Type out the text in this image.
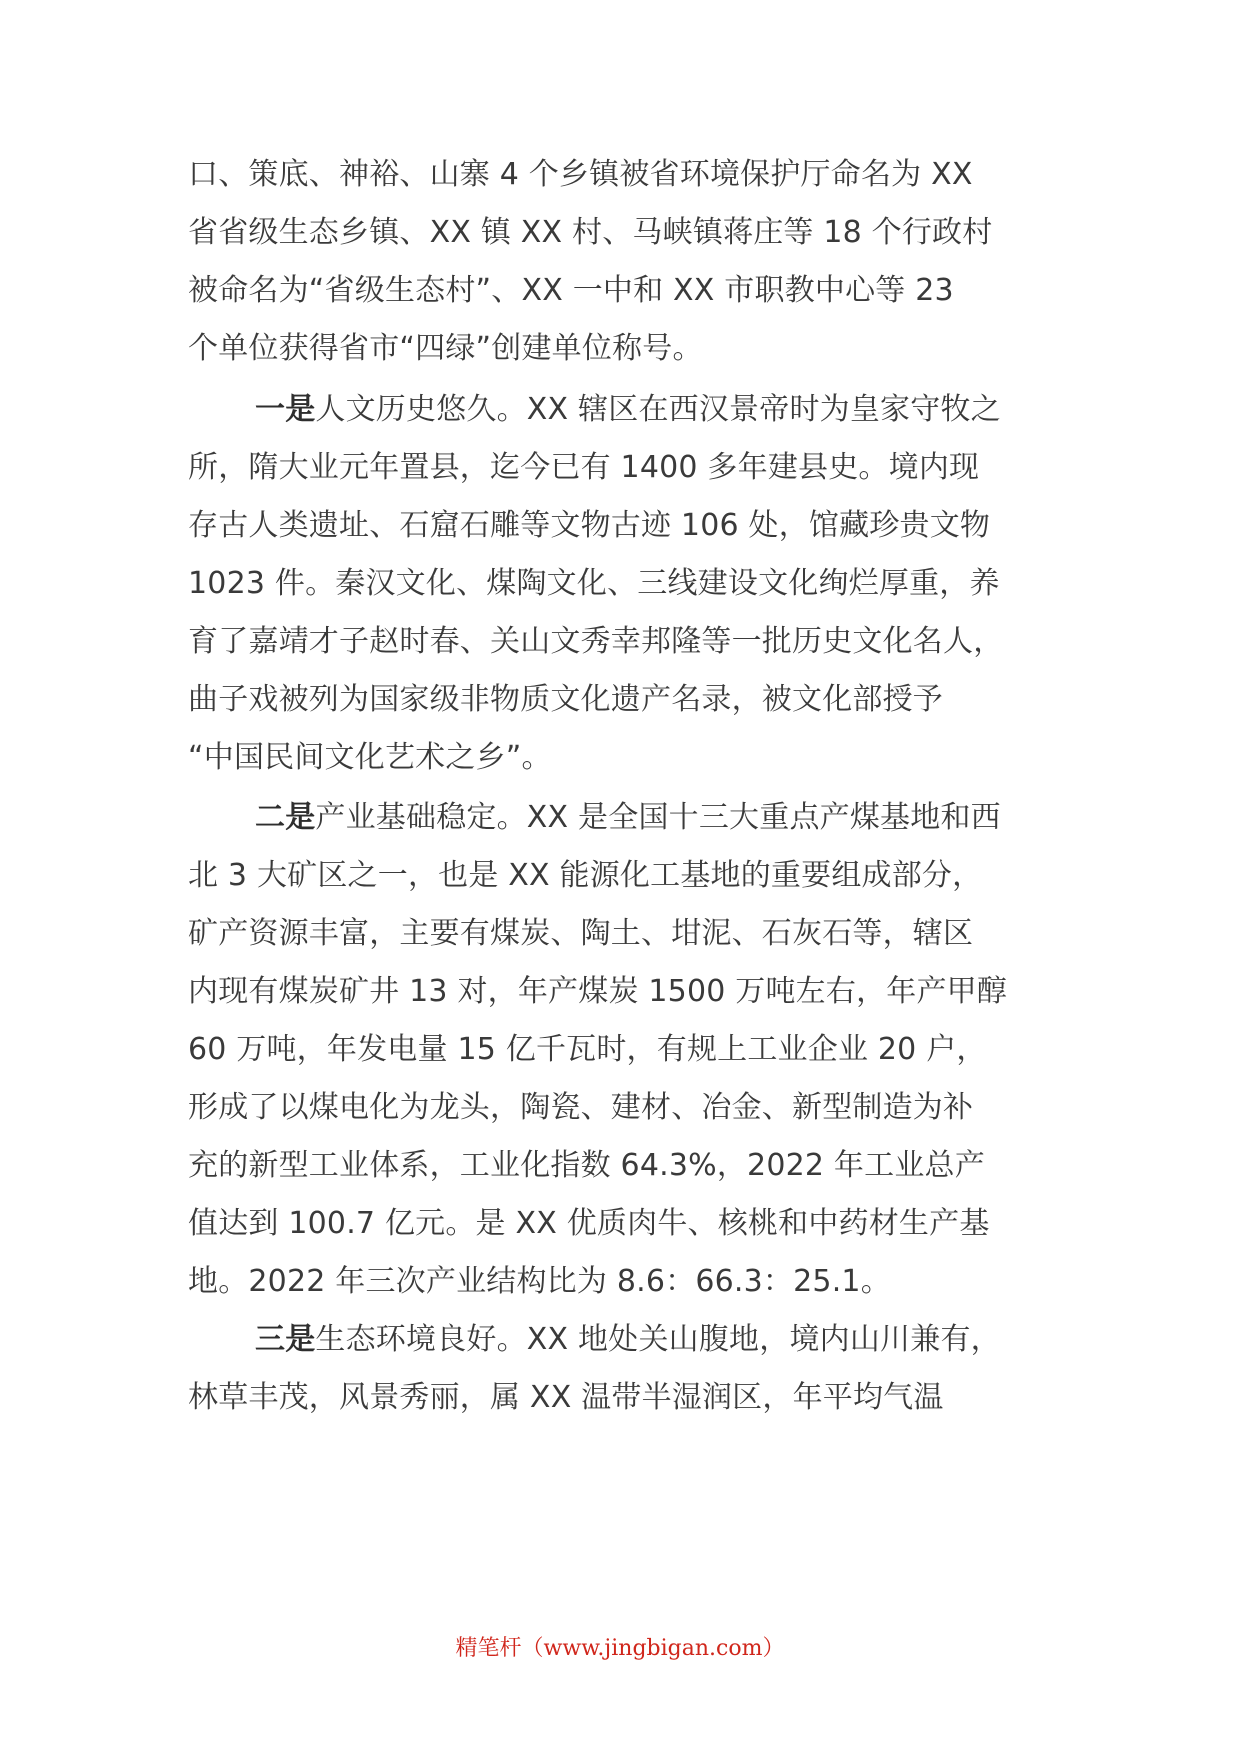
口、策底、神裕、山寨 4 个乡镇被省环境保护厅命名为 XX
省省级生态乡镇、XX 镇 XX 村、马峡镇蒋庄等 18 个行政村
被命名为“省级生态村”、XX 一中和 XX 市职教中心等 23
个单位获得省市“四绿”创建单位称号。
一是人文历史悠久。XX 辖区在西汉景帝时为皇家守牧之
所，隋大业元年置县，迄今已有 1400 多年建县史。境内现
存古人类遗址、石窟石雕等文物古迹 106 处，馆藏珍贵文物
1023 件。秦汉文化、煤陶文化、三线建设文化绚烂厚重，养
育了嘉靖才子赵时春、关山文秀幸邦隆等一批历史文化名人，
曲子戏被列为国家级非物质文化遗产名录，被文化部授予
“中国民间文化艺术之乡”。
二是产业基础稳定。XX 是全国十三大重点产煤基地和西
北 3 大矿区之一，也是 XX 能源化工基地的重要组成部分，
矿产资源丰富，主要有煤炭、陶土、坩泥、石灰石等，辖区
内现有煤炭矿井 13 对，年产煤炭 1500 万吨左右，年产甲醇
60 万吨，年发电量 15 亿千瓦时，有规上工业企业 20 户，
形成了以煤电化为龙头，陶瓷、建材、冶金、新型制造为补
充的新型工业体系，工业化指数 64.3%，2022 年工业总产
值达到 100.7 亿元。是 XX 优质肉牛、核桃和中药材生产基
地。2022 年三次产业结构比为 8.6：66.3：25.1。
三是生态环境良好。XX 地处关山腹地，境内山川兼有，
林草丰茂，风景秀丽，属 XX 温带半湿润区，年平均气温
精笔杆（www.jingbigan.com）
